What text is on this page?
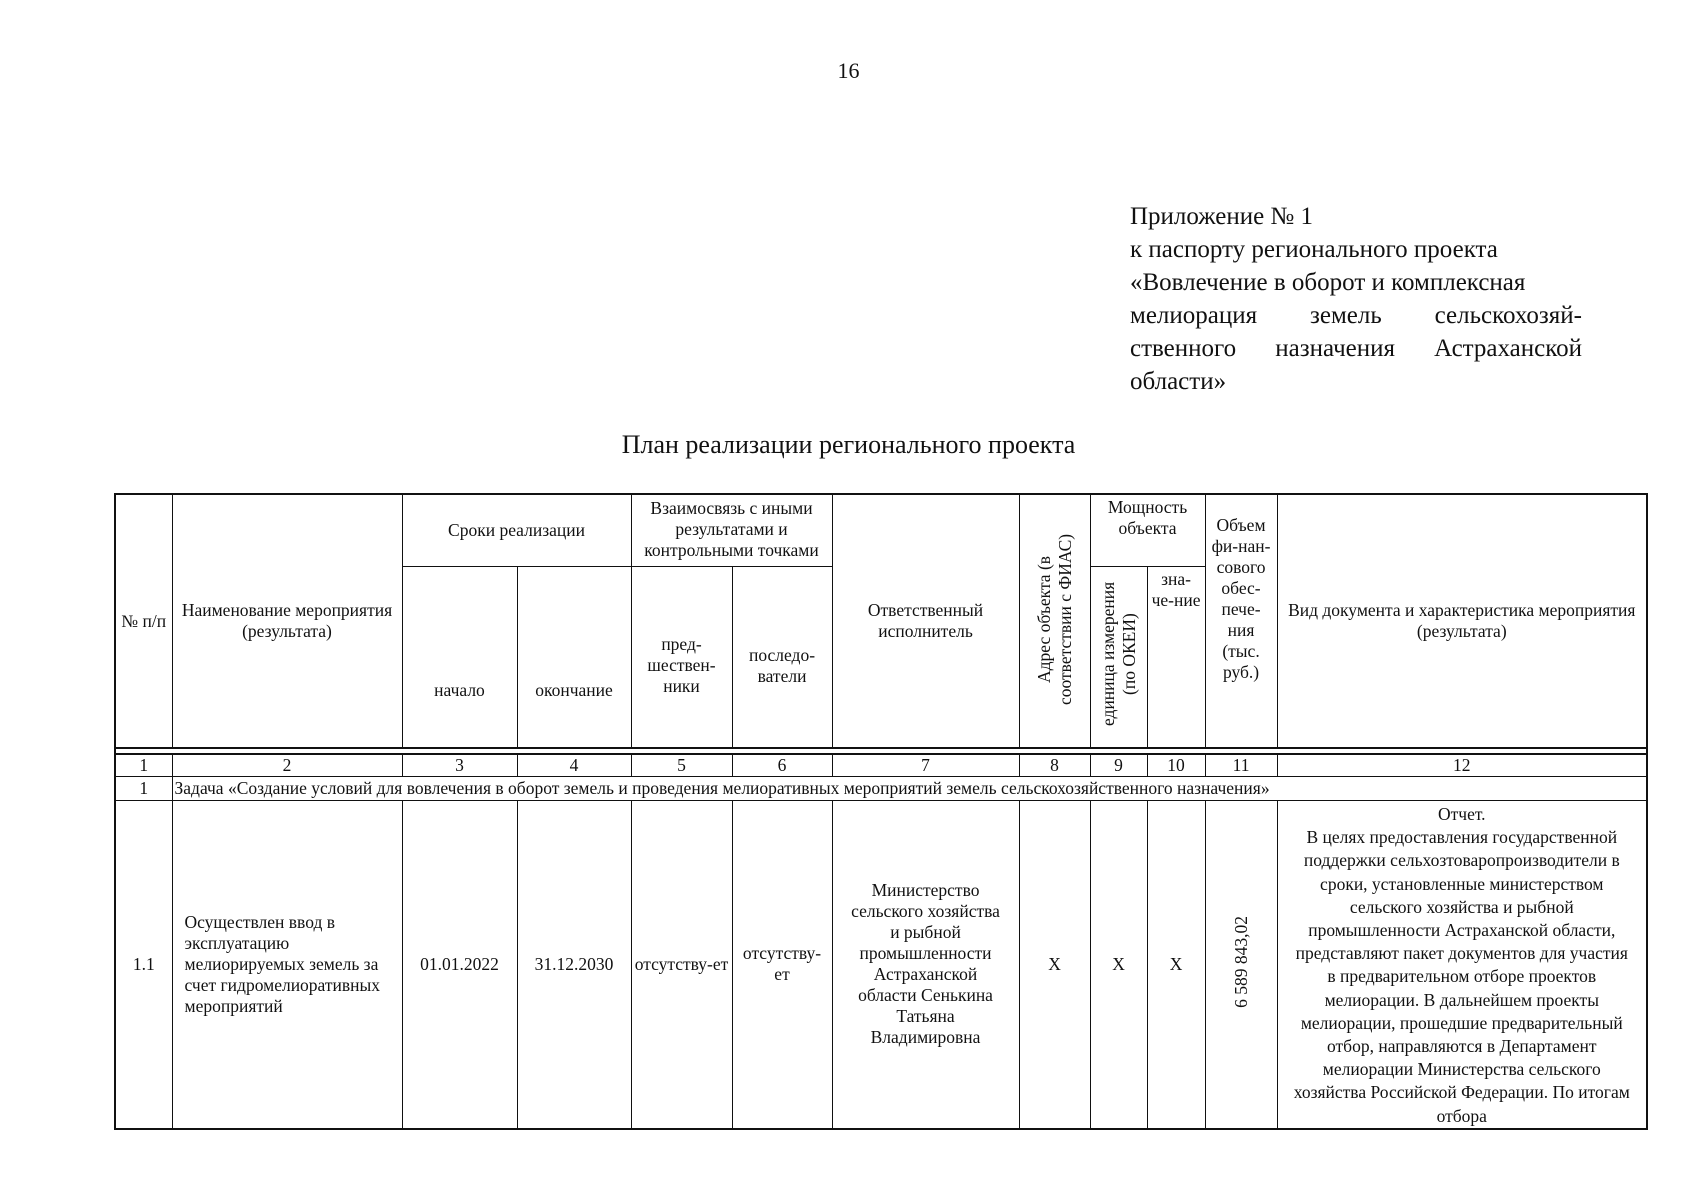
16
Приложение № 1
к паспорту регионального проекта
«Вовлечение в оборот и комплексная
мелиорация земель сельскохозяй-
ственного назначения Астраханской
области»
План реализации регионального проекта
№ п/п	Наименование мероприятия (результата)	Сроки реализации		Взаимосвязь с иными результатами и контрольными точками		Ответственный исполнитель	Адрес объекта (в соответствии с ФИАС)	Мощность объекта		Объем фи-нан-сового обес-пече-ния (тыс. руб.)	Вид документа и характеристика мероприятия (результата)
		начало	окончание	пред-шествен-ники	последо-ватели			единица измерения (по ОКЕИ)	зна-че-ние		

1	2	3	4	5	6	7	8	9	10	11	12
1	Задача «Создание условий для вовлечения в оборот земель и проведения мелиоративных мероприятий земель сельскохозяйственного назначения»										
1.1	Осуществлен ввод в эксплуатацию мелиорируемых земель за счет гидромелиоративных мероприятий	01.01.2022	31.12.2030	отсутству-ет	отсутству-ет	Министерство сельского хозяйства и рыбной промышленности Астраханской области Сенькина Татьяна Владимировна	Х	Х	Х	6 589 843,02	Отчет.
В целях предоставления государственной поддержки сельхозтоваропроизводители в сроки, установленные министерством сельского хозяйства и рыбной промышленности Астраханской области, представляют пакет документов для участия в предварительном отборе проектов мелиорации. В дальнейшем проекты мелиорации, прошедшие предварительный отбор, направляются в Департамент мелиорации Министерства сельского хозяйства Российской Федерации. По итогам отбора
